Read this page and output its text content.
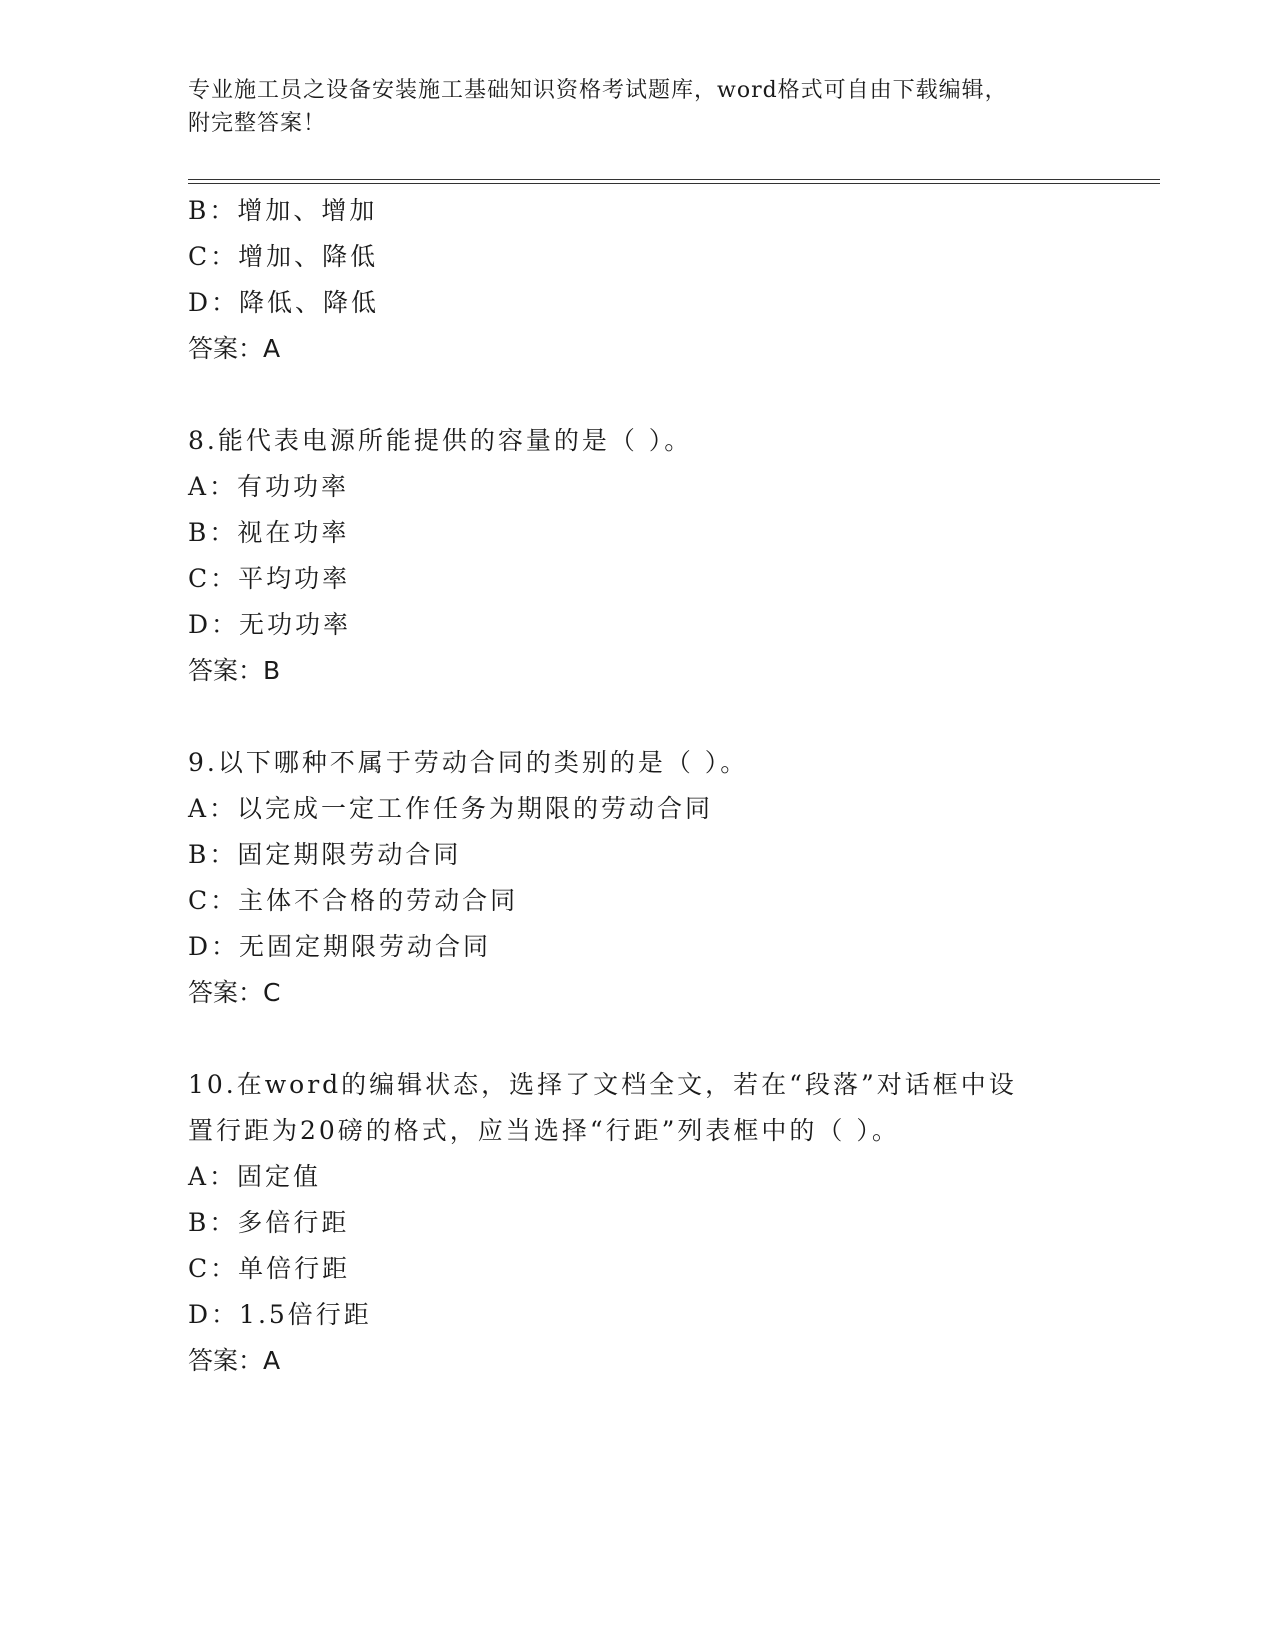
专业施工员之设备安装施工基础知识资格考试题库，word格式可自由下载编辑，
附完整答案！
B：增加、增加
C：增加、降低
D：降低、降低
答案：A
8.能代表电源所能提供的容量的是（ ）。
A：有功功率
B：视在功率
C：平均功率
D：无功功率
答案：B
9.以下哪种不属于劳动合同的类别的是（ ）。
A：以完成一定工作任务为期限的劳动合同
B：固定期限劳动合同
C：主体不合格的劳动合同
D：无固定期限劳动合同
答案：C
10.在word的编辑状态，选择了文档全文，若在“段落”对话框中设
置行距为20磅的格式，应当选择“行距”列表框中的（ ）。
A：固定值
B：多倍行距
C：单倍行距
D：1.5倍行距
答案：A
